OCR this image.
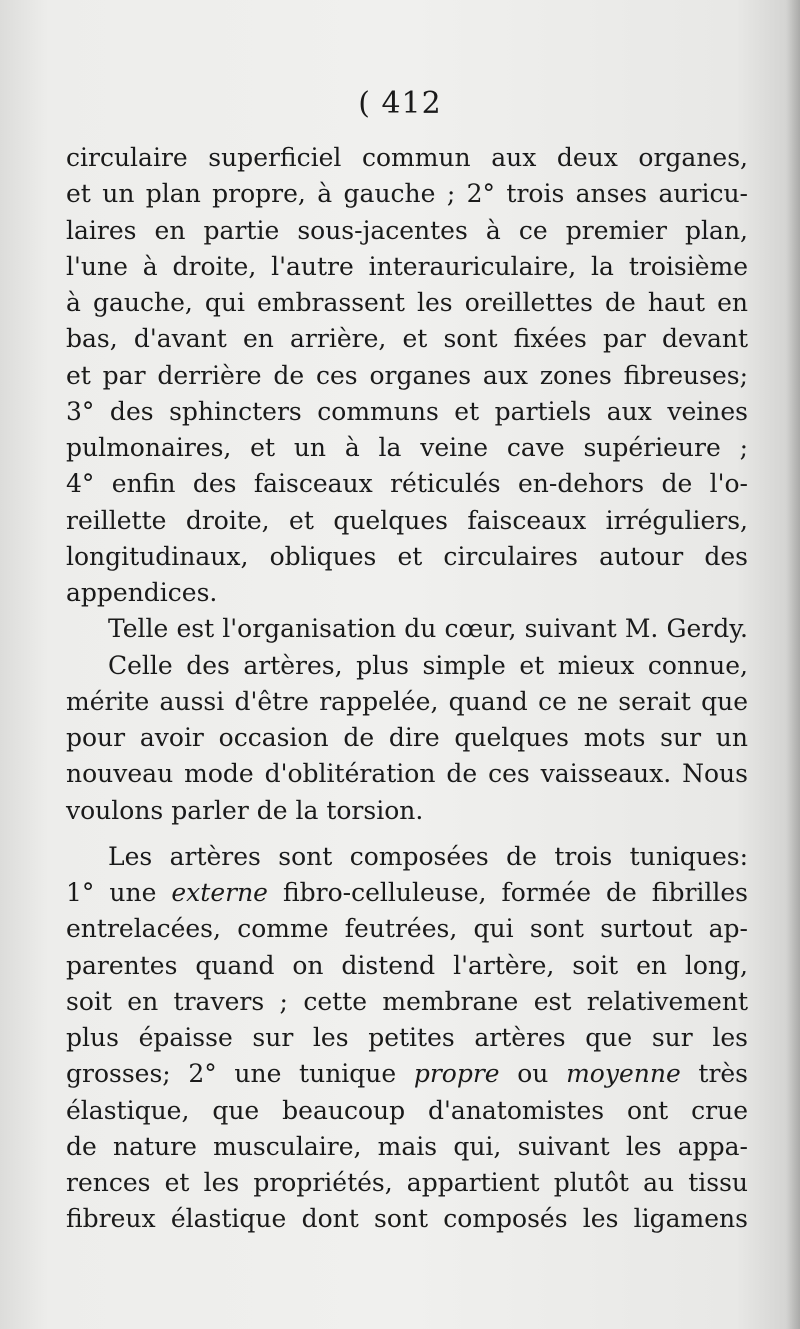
( 412
circulaire superficiel commun aux deux organes,
et un plan propre, à gauche ; 2° trois anses auricu-
laires en partie sous-jacentes à ce premier plan,
l'une à droite, l'autre interauriculaire, la troisième
à gauche, qui embrassent les oreillettes de haut en
bas, d'avant en arrière, et sont fixées par devant
et par derrière de ces organes aux zones fibreuses;
3° des sphincters communs et partiels aux veines
pulmonaires, et un à la veine cave supérieure ;
4° enfin des faisceaux réticulés en-dehors de l'o-
reillette droite, et quelques faisceaux irréguliers,
longitudinaux, obliques et circulaires autour des
appendices.
Telle est l'organisation du cœur, suivant M. Gerdy.
Celle des artères, plus simple et mieux connue,
mérite aussi d'être rappelée, quand ce ne serait que
pour avoir occasion de dire quelques mots sur un
nouveau mode d'oblitération de ces vaisseaux. Nous
voulons parler de la torsion.
Les artères sont composées de trois tuniques:
1° une externe fibro-celluleuse, formée de fibrilles
entrelacées, comme feutrées, qui sont surtout ap-
parentes quand on distend l'artère, soit en long,
soit en travers ; cette membrane est relativement
plus épaisse sur les petites artères que sur les
grosses; 2° une tunique propre ou moyenne très
élastique, que beaucoup d'anatomistes ont crue
de nature musculaire, mais qui, suivant les appa-
rences et les propriétés, appartient plutôt au tissu
fibreux élastique dont sont composés les ligamens
